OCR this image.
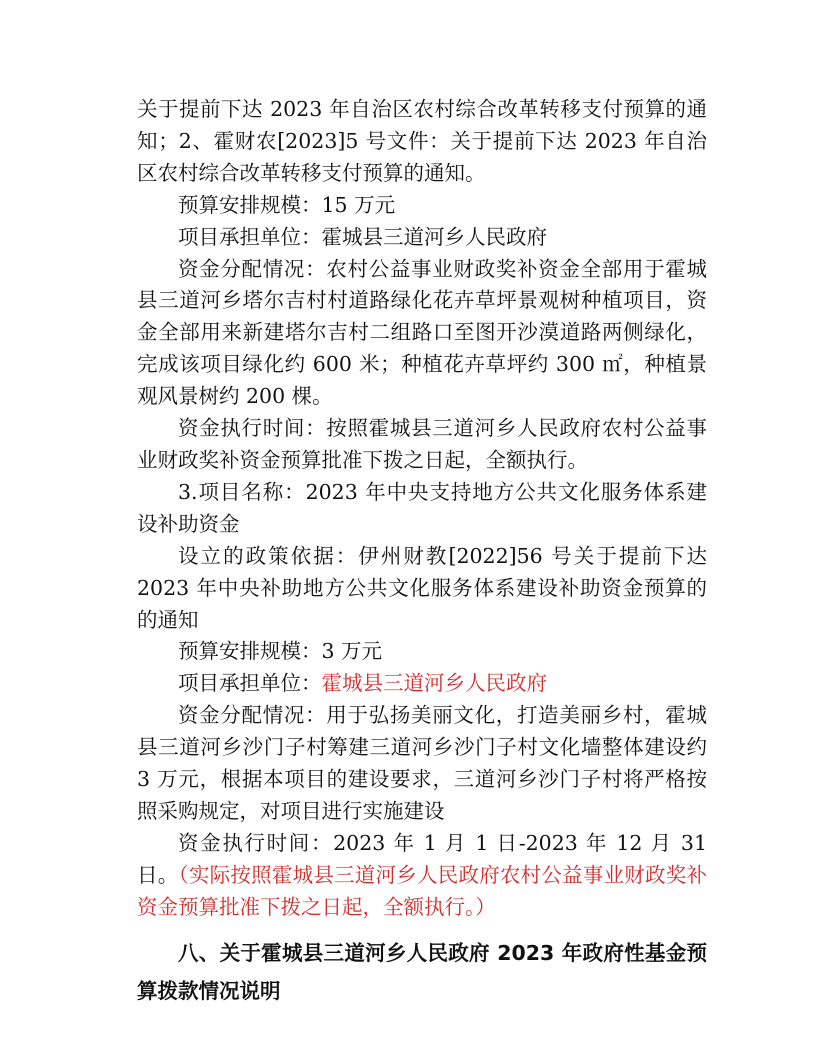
关于提前下达 2023 年自治区农村综合改革转移支付预算的通知；2、霍财农[2023]5 号文件：关于提前下达 2023 年自治区农村综合改革转移支付预算的通知。

预算安排规模：15 万元

项目承担单位：霍城县三道河乡人民政府

资金分配情况：农村公益事业财政奖补资金全部用于霍城县三道河乡塔尔吉村村道路绿化花卉草坪景观树种植项目，资金全部用来新建塔尔吉村二组路口至图开沙漠道路两侧绿化，完成该项目绿化约 600 米；种植花卉草坪约 300 ㎡，种植景观风景树约 200 棵。

资金执行时间：按照霍城县三道河乡人民政府农村公益事业财政奖补资金预算批准下拨之日起，全额执行。

3.项目名称：2023 年中央支持地方公共文化服务体系建设补助资金

设立的政策依据：伊州财教[2022]56 号关于提前下达 2023 年中央补助地方公共文化服务体系建设补助资金预算的的通知

预算安排规模：3 万元

项目承担单位：霍城县三道河乡人民政府

资金分配情况：用于弘扬美丽文化，打造美丽乡村，霍城县三道河乡沙门子村筹建三道河乡沙门子村文化墙整体建设约 3 万元，根据本项目的建设要求，三道河乡沙门子村将严格按照采购规定，对项目进行实施建设

资金执行时间：2023 年 1 月 1 日-2023 年 12 月 31 日。（实际按照霍城县三道河乡人民政府农村公益事业财政奖补资金预算批准下拨之日起，全额执行。）

八、关于霍城县三道河乡人民政府 2023 年政府性基金预算拨款情况说明
